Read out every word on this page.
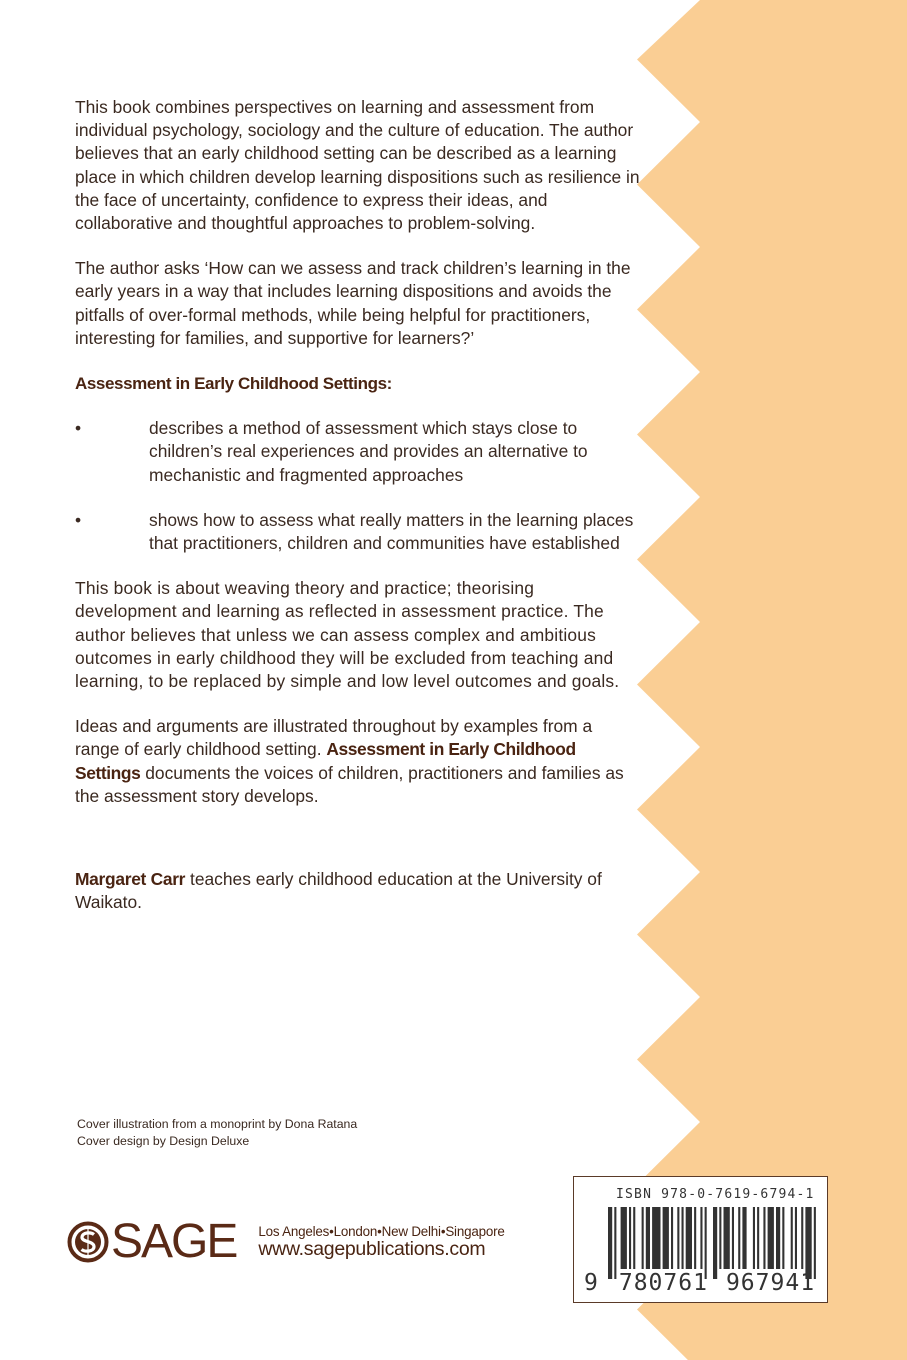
This book combines perspectives on learning and assessment from individual psychology, sociology and the culture of education. The author believes that an early childhood setting can be described as a learning place in which children develop learning dispositions such as resilience in the face of uncertainty, confidence to express their ideas, and collaborative and thoughtful approaches to problem-solving.

The author asks ‘How can we assess and track children’s learning in the early years in a way that includes learning dispositions and avoids the pitfalls of over-formal methods, while being helpful for practitioners, interesting for families, and supportive for learners?’

Assessment in Early Childhood Settings:

•	describes a method of assessment which stays close to children’s real experiences and provides an alternative to mechanistic and fragmented approaches
•	shows how to assess what really matters in the learning places that practitioners, children and communities have established

This book is about weaving theory and practice; theorising development and learning as reflected in assessment practice. The author believes that unless we can assess complex and ambitious outcomes in early childhood they will be excluded from teaching and learning, to be replaced by simple and low level outcomes and goals.

Ideas and arguments are illustrated throughout by examples from a range of early childhood setting. Assessment in Early Childhood Settings documents the voices of children, practitioners and families as the assessment story develops.

Margaret Carr teaches early childhood education at the University of Waikato.

Cover illustration from a monoprint by Dona Ratana
Cover design by Design Deluxe
SAGE Los Angeles•London•New Delhi•Singapore
www.sagepublications.com
ISBN 978-0-7619-6794-1
9 780761 967941
